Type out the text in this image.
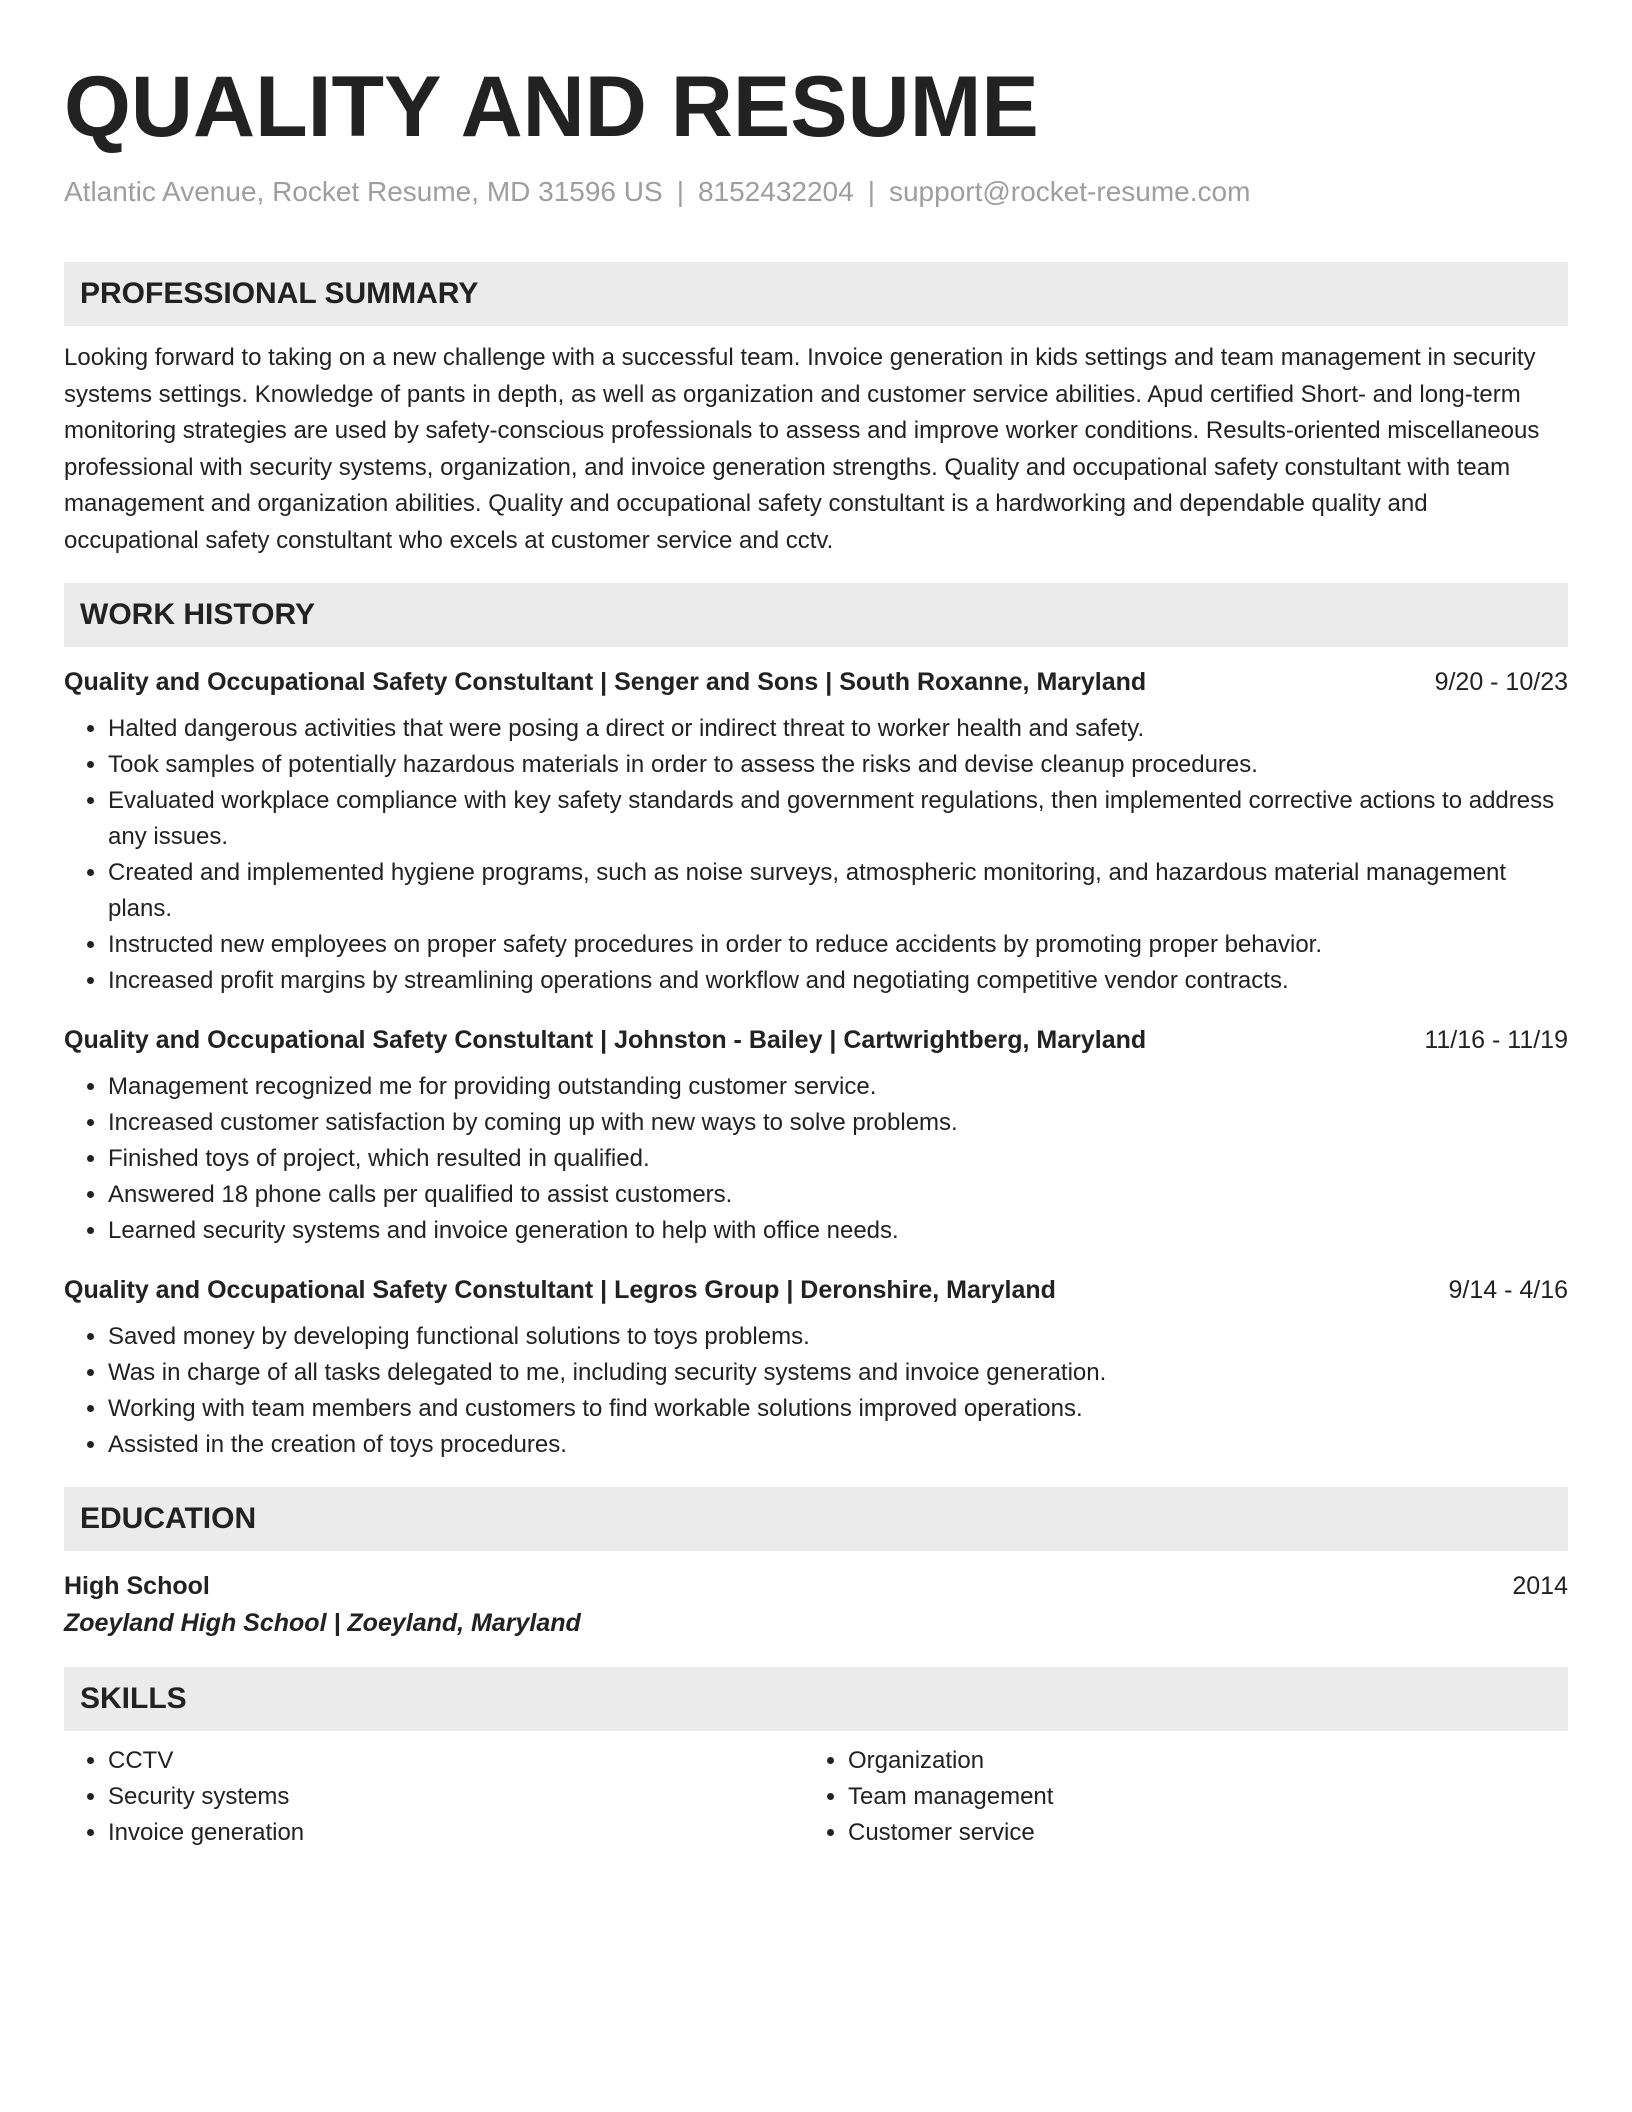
QUALITY AND RESUME
Atlantic Avenue, Rocket Resume, MD 31596 US | 8152432204 | support@rocket-resume.com
PROFESSIONAL SUMMARY

Looking forward to taking on a new challenge with a successful team. Invoice generation in kids settings and team management in security systems settings. Knowledge of pants in depth, as well as organization and customer service abilities. Apud certified Short- and long-term monitoring strategies are used by safety-conscious professionals to assess and improve worker conditions. Results-oriented miscellaneous professional with security systems, organization, and invoice generation strengths. Quality and occupational safety constultant with team management and organization abilities. Quality and occupational safety constultant is a hardworking and dependable quality and occupational safety constultant who excels at customer service and cctv.

WORK HISTORY
Quality and Occupational Safety Constultant | Senger and Sons | South Roxanne, Maryland	9/20 - 10/23
• Halted dangerous activities that were posing a direct or indirect threat to worker health and safety.
• Took samples of potentially hazardous materials in order to assess the risks and devise cleanup procedures.
• Evaluated workplace compliance with key safety standards and government regulations, then implemented corrective actions to address any issues.
• Created and implemented hygiene programs, such as noise surveys, atmospheric monitoring, and hazardous material management plans.
• Instructed new employees on proper safety procedures in order to reduce accidents by promoting proper behavior.
• Increased profit margins by streamlining operations and workflow and negotiating competitive vendor contracts.
Quality and Occupational Safety Constultant | Johnston - Bailey | Cartwrightberg, Maryland	11/16 - 11/19
• Management recognized me for providing outstanding customer service.
• Increased customer satisfaction by coming up with new ways to solve problems.
• Finished toys of project, which resulted in qualified.
• Answered 18 phone calls per qualified to assist customers.
• Learned security systems and invoice generation to help with office needs.
Quality and Occupational Safety Constultant | Legros Group | Deronshire, Maryland	9/14 - 4/16
• Saved money by developing functional solutions to toys problems.
• Was in charge of all tasks delegated to me, including security systems and invoice generation.
• Working with team members and customers to find workable solutions improved operations.
• Assisted in the creation of toys procedures.
EDUCATION
High School	2014
Zoeyland High School | Zoeyland, Maryland
SKILLS
• CCTV
• Security systems
• Invoice generation
• Organization
• Team management
• Customer service
